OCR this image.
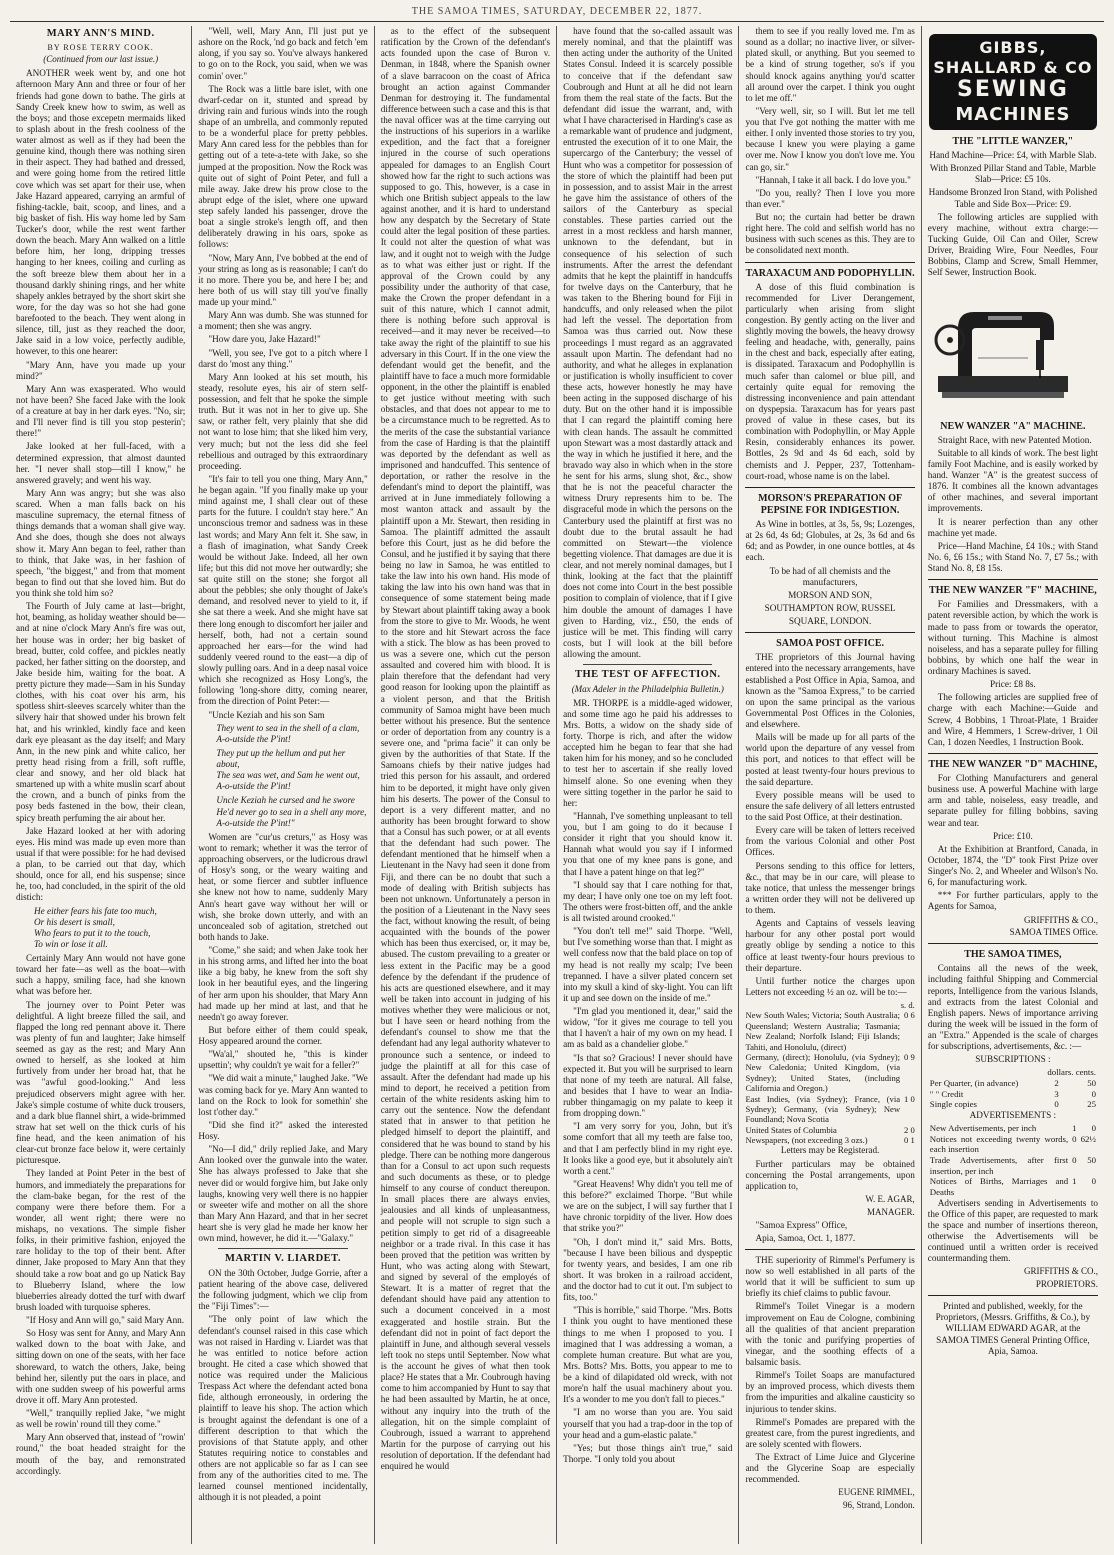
THE SAMOA TIMES, SATURDAY, DECEMBER 22, 1877.
MARY ANN'S MIND.
BY ROSE TERRY COOK.
(Continued from our last issue.)

ANOTHER week went by, and one hot afternoon Mary Ann and three or four of her friends had gone down to bathe. The girls at Sandy Creek knew how to swim, as well as the boys; and those excepetn mermaids liked to splash about in the fresh coolness of the water almost as well as if they had been the genuine kind, though there was nothing siren in their aspect. They had bathed and dressed, and were going home from the retired little cove which was set apart for their use, when Jake Hazard appeared, carrying an armful of fishing-tackle, bait, scoop, and lines, and a big basket of fish. His way home led by Sam Tucker's door, while the rest went farther down the beach. Mary Ann walked on a little before him, her long, dripping tresses hanging to her knees, coiling and curling as the soft breeze blew them about her in a thousand darkly shining rings, and her white shapely ankles betrayed by the short skirt she wore, for the day was so hot she had gone barefooted to the beach. They went along in silence, till, just as they reached the door, Jake said in a low voice, perfectly audible, however, to this one hearer:

"Mary Ann, have you made up your mind?"

Mary Ann was exasperated. Who would not have been? She faced Jake with the look of a creature at bay in her dark eyes. "No, sir; and I'll never find is till you stop pesterin'; there!"

Jake looked at her full-faced, with a determined expression, that almost daunted her. "I never shall stop—till I know," he answered gravely; and went his way.

Mary Ann was angry; but she was also scared. When a man falls back on his masculine supremacy, the eternal fitness of things demands that a woman shall give way. And she does, though she does not always show it. Mary Ann began to feel, rather than to think, that Jake was, in her fashion of speech, "the biggest," and from that moment began to find out that she loved him. But do you think she told him so?

The Fourth of July came at last—bright, hot, beaming, as holiday weather should be—and at nine o'clock Mary Ann's fire was out, her house was in order; her big basket of bread, butter, cold coffee, and pickles neatly packed, her father sitting on the doorstep, and Jake beside him, waiting for the boat. A pretty picture they made—Sam in his Sunday clothes, with his coat over his arm, his spotless shirt-sleeves scarcely whiter than the silvery hair that showed under his brown felt hat, and his wrinkled, kindly face and keen dark eye pleasant as the day itself; and Mary Ann, in the new pink and white calico, her pretty head rising from a frill, soft ruffle, clear and snowy, and her old black hat smartened up with a white muslin scarf about the crown, and a bunch of pinks from the posy beds fastened in the bow, their clean, spicy breath perfuming the air about her.

Jake Hazard looked at her with adoring eyes. His mind was made up even more than usual if that were possible: for he had devised a plan, to be carried out that day, which should, once for all, end his suspense; since he, too, had concluded, in the spirit of the old distich:

He either fears his fate too much,
Or his desert is small,
Who fears to put it to the touch,
To win or lose it all.

Certainly Mary Ann would not have gone toward her fate—as well as the boat—with such a happy, smiling face, had she known what was before her.

The journey over to Point Peter was delightful. A light breeze filled the sail, and flapped the long red pennant above it. There was plenty of fun and laughter; Jake himself seemed as gay as the rest; and Mary Ann owned to herself, as she looked at him furtively from under her broad hat, that he was "awful good-looking." And less prejudiced observers might agree with her. Jake's simple costume of white duck trousers, and a dark blue flannel shirt, a wide-brimmed straw hat set well on the thick curls of his fine head, and the keen animation of his clear-cut bronze face below it, were certainly picturesque.

They landed at Point Peter in the best of humors, and immediately the preparations for the clam-bake began, for the rest of the company were there before them. For a wonder, all went right; there were no mishaps, no vexations. The simple fisher folks, in their primitive fashion, enjoyed the rare holiday to the top of their bent. After dinner, Jake proposed to Mary Ann that they should take a row boat and go up Natick Bay to Blueberry Island, where the low blueberries already dotted the turf with dwarf brush loaded with turquoise spheres.

"If Hosy and Ann will go," said Mary Ann.

So Hosy was sent for Anny, and Mary Ann walked down to the boat with Jake, and sitting down on one of the seats, with her face shoreward, to watch the others, Jake, being behind her, silently put the oars in place, and with one sudden sweep of his powerful arms drove it off. Mary Ann protested.

"Well," tranquilly replied Jake, "we might as well be rowin' round till they come."

Mary Ann observed that, instead of "rowin' round," the boat headed straight for the mouth of the bay, and remonstrated accordingly.

"Well, well, Mary Ann, I'll just put ye ashore on the Rock, 'nd go back and fetch 'em along, if you say so. You've always hankered to go on to the Rock, you said, when we was comin' over."

The Rock was a little bare islet, with one dwarf-cedar on it, stunted and spread by driving rain and furious winds into the rough shape of an umbrella, and commonly reputed to be a wonderful place for pretty pebbles. Mary Ann cared less for the pebbles than for getting out of a tete-a-tete with Jake, so she jumped at the proposition. Now the Rock was quite out of sight of Point Peter, and full a mile away. Jake drew his prow close to the abrupt edge of the islet, where one upward step safely landed his passenger, drove the boat a single stroke's length off, and then deliberately drawing in his oars, spoke as follows:

"Now, Mary Ann, I've bobbed at the end of your string as long as is reasonable; I can't do it no more. There you be, and here I be; and here both of us will stay till you've finally made up your mind."

Mary Ann was dumb. She was stunned for a moment; then she was angry.

"How dare you, Jake Hazard!"

"Well, you see, I've got to a pitch where I darst do 'most any thing."

Mary Ann looked at his set mouth, his steady, resolute eyes, his air of stern self-possession, and felt that he spoke the simple truth. But it was not in her to give up. She saw, or rather felt, very plainly that she did not want to lose him; that she liked him very, very much; but not the less did she feel rebellious and outraged by this extraordinary proceeding.

"It's fair to tell you one thing, Mary Ann," he began again. "If you finally make up your mind against me, I shall clear out of these parts for the future. I couldn't stay here." An unconscious tremor and sadness was in these last words; and Mary Ann felt it. She saw, in a flash of imagination, what Sandy Creek would be without Jake. Indeed, all her own life; but this did not move her outwardly; she sat quite still on the stone; she forgot all about the pebbles; she only thought of Jake's demand, and resolved never to yield to it, if she sat there a week. And she might have sat there long enough to discomfort her jailer and herself, both, had not a certain sound approached her ears—for the wind had suddenly veered round to the east—a dip of slowly pulling oars. And in a deep nasal voice which she recognized as Hosy Long's, the following 'long-shore ditty, coming nearer, from the direction of Point Peter:—

"Uncle Keziah and his son Sam

They went to sea in the shell of a clam,
A-o-utside the P'int!
They put up the hellum and put her about,
The sea was wet, and Sam he went out,
A-o-utside the P'int!
Uncle Keziah he cursed and he swore
He'd never go to sea in a shell any more,
A-o-utside the P'int!"

Women are "cur'us creturs," as Hosy was wont to remark; whether it was the terror of approaching observers, or the ludicrous drawl of Hosy's song, or the weary waiting and heat, or some fiercer and subtler influence she knew not how to name, suddenly Mary Ann's heart gave way without her will or wish, she broke down utterly, and with an unconcealed sob of agitation, stretched out both hands to Jake.

"Come," she said; and when Jake took her in his strong arms, and lifted her into the boat like a big baby, he knew from the soft shy look in her beautiful eyes, and the lingering of her arm upon his shoulder, that Mary Ann had made up her mind at last, and that he needn't go away forever.

But before either of them could speak, Hosy appeared around the corner.

"Wa'al," shouted he, "this is kinder upsettin'; why couldn't ye wait for a feller?"

"We did wait a minute," laughed Jake. "We was coming back for ye. Mary Ann wanted to land on the Rock to look for somethin' she lost t'other day."

"Did she find it?" asked the interested Hosy.

"No—I did," drily replied Jake, and Mary Ann looked over the gunwale into the water. She has always professed to Jake that she never did or would forgive him, but Jake only laughs, knowing very well there is no happier or sweeter wife and mother on all the shore than Mary Ann Hazard, and that in her secret heart she is very glad he made her know her own mind, however, he did it.—"Galaxy."

MARTIN V. LIARDET.

ON the 30th October, Judge Gorrie, after a patient hearing of the above case, delivered the following judgment, which we clip from the "Fiji Times":—

"The only point of law which the defendant's counsel raised in this case which was not raised in Harding v. Liardet was that he was entitled to notice before action brought. He cited a case which showed that notice was required under the Malicious Trespass Act where the defendant acted bona fide, although erroneously, in ordering the plaintiff to leave his shop. The action which is brought against the defendant is one of a different description to that which the provisions of that Statute apply, and other Statutes requiring notice to constables and others are not applicable so far as I can see from any of the authorities cited to me. The learned counsel mentioned incidentally, although it is not pleaded, a point

as to the effect of the subsequent ratification by the Crown of the defendant's acts founded upon the case of Buron v. Denman, in 1848, where the Spanish owner of a slave barracoon on the coast of Africa brought an action against Commander Denman for destroying it. The fundamental difference between such a case and this is that the naval officer was at the time carrying out the instructions of his superiors in a warlike expedition, and the fact that a foreigner injured in the course of such operations appealed for damages to an English Court showed how far the right to such actions was supposed to go. This, however, is a case in which one British subject appeals to the law against another, and it is hard to understand how any despatch by the Secretary of State could alter the legal position of these parties. It could not alter the question of what was law, and it ought not to weigh with the Judge as to what was either just or right. If the approval of the Crown could by any possibility under the authority of that case, make the Crown the proper defendant in a suit of this nature, which I cannot admit, there is nothing before such approval is received—and it may never be received—to take away the right of the plaintiff to sue his adversary in this Court. If in the one view the defendant would get the benefit, and the plaintiff have to face a much more formidable opponent, in the other the plaintiff is enabled to get justice without meeting with such obstacles, and that does not appear to me to be a circumstance much to be regretted. As to the merits of the case the substantial variance from the case of Harding is that the plaintiff was deported by the defendant as well as imprisoned and handcuffed. This sentence of deportation, or rather the resolve in the defendant's mind to deport the plaintiff, was arrived at in June immediately following a most wanton attack and assault by the plaintiff upon a Mr. Stewart, then residing in Samoa. The plaintiff admitted the assault before this Court, just as he did before the Consul, and he justified it by saying that there being no law in Samoa, he was entitled to take the law into his own hand. His mode of taking the law into his own hand was that in consequence of some statement being made by Stewart about plaintiff taking away a book from the store to give to Mr. Woods, he went to the store and hit Stewart across the face with a stick. The blow as has been proved to us was a severe one, which cut the person assaulted and covered him with blood. It is plain therefore that the defendant had very good reason for looking upon the plaintiff as a violent person, and that the British community of Samoa might have been much better without his presence. But the sentence or order of deportation from any country is a severe one, and "prima facie" it can only be given by the authorities of that State. If the Samoans chiefs by their native judges had tried this person for his assault, and ordered him to be deported, it might have only given him his deserts. The power of the Consul to deport is a very different matter, and no authority has been brought forward to show that a Consul has such power, or at all events that the defendant had such power. The defendant mentioned that he himself when a Lieutenant in the Navy had seen it done from Fiji, and there can be no doubt that such a mode of dealing with British subjects has been not unknown. Unfortunately a person in the position of a Lieutenant in the Navy sees the fact, without knowing the result, of being acquainted with the bounds of the power which has been thus exercised, or, it may be, abused. The custom prevailing to a greater or less extent in the Pacific may be a good defence by the defendant if the prudence of his acts are questioned elsewhere, and it may well be taken into account in judging of his motives whether they were malicious or not, but I have seen or heard nothing from the defendant's counsel to show me that the defendant had any legal authority whatever to pronounce such a sentence, or indeed to judge the plaintiff at all for this case of assault. After the defendant had made up his mind to deport, he received a petition from certain of the white residents asking him to carry out the sentence. Now the defendant stated that in answer to that petition he pledged himself to deport the plaintiff, and considered that he was bound to stand by his pledge. There can be nothing more dangerous than for a Consul to act upon such requests and such documents as these, or to pledge himself to any course of conduct thereupon. In small places there are always envies, jealousies and all kinds of unpleasantness, and people will not scruple to sign such a petition simply to get rid of a disagreeable neighbor or a trade rival. In this case it has been proved that the petition was written by Hunt, who was acting along with Stewart, and signed by several of the employés of Stewart. It is a matter of regret that the defendant should have paid any attention to such a document conceived in a most exaggerated and hostile strain. But the defendant did not in point of fact deport the plaintiff in June, and although several vessels left took no steps until September. Now what is the account he gives of what then took place? He states that a Mr. Coubrough having come to him accompanied by Hunt to say that he had been assaulted by Martin, he at once, without any inquiry into the truth of the allegation, hit on the simple complaint of Coubrough, issued a warrant to apprehend Martin for the purpose of carrying out his resolution of deportation. If the defendant had enquired he would

have found that the so-called assault was merely nominal, and that the plaintiff was then acting under the authority of the United States Consul. Indeed it is scarcely possible to conceive that if the defendant saw Coubrough and Hunt at all he did not learn from them the real state of the facts. But the defendant did issue the warrant, and, with what I have characterised in Harding's case as a remarkable want of prudence and judgment, entrusted the execution of it to one Mair, the supercargo of the Canterbury; the vessel of Hunt who was a competitor for possession of the store of which the plaintiff had been put in possession, and to assist Mair in the arrest he gave him the assistance of others of the sailors of the Canterbury as special constables. These parties carried out the arrest in a most reckless and harsh manner, unknown to the defendant, but in consequence of his selection of such instruments. After the arrest the defendant admits that he kept the plaintiff in handcuffs for twelve days on the Canterbury, that he was taken to the Bhering bound for Fiji in handcuffs, and only released when the pilot had left the vessel. The deportation from Samoa was thus carried out. Now these proceedings I must regard as an aggravated assault upon Martin. The defendant had no authority, and what he alleges in explanation or justification is wholly insufficient to cover these acts, however honestly he may have been acting in the supposed discharge of his duty. But on the other hand it is impossible that I can regard the plaintiff coming here with clean hands. The assault he committed upon Stewart was a most dastardly attack and the way in which he justified it here, and the bravado way also in which when in the store he sent for his arms, slung shot, &c., show that he is not the peaceful character the witness Drury represents him to be. The disgraceful mode in which the persons on the Canterbury used the plaintiff at first was no doubt due to the brutal assault he had committed on Stewart—the violence begetting violence. That damages are due it is clear, and not merely nominal damages, but I think, looking at the fact that the plaintiff does not come into Court in the best possible position to complain of violence, that if I give him double the amount of damages I have given to Harding, viz., £50, the ends of justice will be met. This finding will carry costs, but I will look at the bill before allowing the amount.

THE TEST OF AFFECTION.
(Max Adeler in the Philadelphia Bulletin.)

MR. THORPE is a middle-aged widower, and some time ago he paid his addresses to Mrs. Botts, a widow on the shady side of forty. Thorpe is rich, and after the widow accepted him he began to fear that she had taken him for his money, and so he concluded to test her to ascertain if she really loved himself alone. So one evening when they were sitting together in the parlor he said to her:

"Hannah, I've something unpleasant to tell you, but I am going to do it because I consider it right that you should know it. Hannah what would you say if I informed you that one of my knee pans is gone, and that I have a patent hinge on that leg?"

"I should say that I care nothing for that, my dear; I have only one toe on my left foot. The others were frost-bitten off, and the ankle is all twisted around crooked."

"You don't tell me!" said Thorpe. "Well, but I've something worse than that. I might as well confess now that the bald place on top of my head is not really my scalp; I've been trepanned. I have a silver plated concern set into my skull a kind of sky-light. You can lift it up and see down on the inside of me."

"I'm glad you mentioned it, dear," said the widow, "for it gives me courage to tell you that I haven't a hair of my own on my head. I am as bald as a chandelier globe."

"Is that so? Gracious! I never should have expected it. But you will be surprised to learn that none of my teeth are natural. All false, and besides that I have to wear an India-rubber thingamagig on my palate to keep it from dropping down."

"I am very sorry for you, John, but it's some comfort that all my teeth are false too, and that I am perfectly blind in my right eye. It looks like a good eye, but it absolutely ain't worth a cent."

"Great Heavens! Why didn't you tell me of this before?" exclaimed Thorpe. "But while we are on the subject, I will say further that I have chronic torpidity of the liver. How does that strike you?"

"Oh, I don't mind it," said Mrs. Botts, "because I have been bilious and dyspeptic for twenty years, and besides, I am one rib short. It was broken in a railroad accident, and the doctor had to cut it out. I'm subject to fits, too."

"This is horrible," said Thorpe. "Mrs. Botts I think you ought to have mentioned these things to me when I proposed to you. I imagined that I was addressing a woman, a complete human creature. But what are you, Mrs. Botts? Mrs. Botts, you appear to me to be a kind of dilapidated old wreck, with not more'n half the usual machinery about you. It's a wonder to me you don't fall to pieces."

"I am no worse than you are. You said yourself that you had a trap-door in the top of your head and a gum-elastic palate."

"Yes; but those things ain't true," said Thorpe. "I only told you about

them to see if you really loved me. I'm as sound as a dollar; no inactive liver, or silver-plated skull, or anything. But you seemed to be a kind of strung together, so's if you should knock agains anything you'd scatter all around over the carpet. I think you ought to let me off."

"Very well, sir, so I will. But let me tell you that I've got nothing the matter with me either. I only invented those stories to try you, because I knew you were playing a game over me. Now I know you don't love me. You can go, sir."

"Hannah, I take it all back. I do love you."

"Do you, really? Then I love you more than ever."

But no; the curtain had better be drawn right here. The cold and selfish world has no business with such scenes as this. They are to be consolidated next month.

TARAXACUM AND PODOPHYLLIN.

A dose of this fluid combination is recommended for Liver Derangement, particularly when arising from slight congestion. By gently acting on the liver and slightly moving the bowels, the heavy drowsy feeling and headache, with, generally, pains in the chest and back, especially after eating, is dissipated. Taraxacum and Podophyllin is much safer than calomel or blue pill, and certainly quite equal for removing the distressing inconvenience and pain attendant on dyspepsia. Taraxacum has for years past proved of value in these cases, but its combination with Podophyllin, or May Apple Resin, considerably enhances its power. Bottles, 2s 9d and 4s 6d each, sold by chemists and J. Pepper, 237, Tottenham-court-road, whose name is on the label.

MORSON'S PREPARATION OF PEPSINE FOR INDIGESTION.

As Wine in bottles, at 3s, 5s, 9s; Lozenges, at 2s 6d, 4s 6d; Globules, at 2s, 3s 6d and 6s 6d; and as Powder, in one ounce bottles, at 4s each.

To be had of all chemists and the manufacturers,

MORSON AND SON,

SOUTHAMPTON ROW, RUSSEL

SQUARE, LONDON.

SAMOA POST OFFICE.

THE proprietors of this Journal having entered into the necessary arrangements, have established a Post Office in Apia, Samoa, and known as the "Samoa Express," to be carried on upon the same principal as the various Governmental Post Offices in the Colonies, and elsewhere.

Mails will be made up for all parts of the world upon the departure of any vessel from this port, and notices to that effect will be posted at least twenty-four hours previous to the said departure.

Every possible means will be used to ensure the safe delivery of all letters entrusted to the said Post Office, at their destination.

Every care will be taken of letters received from the various Colonial and other Post Offices.

Persons sending to this office for letters, &c., that may be in our care, will please to take notice, that unless the messenger brings a written order they will not be delivered up to them.

Agents and Captains of vessels leaving harbour for any other postal port would greatly oblige by sending a notice to this office at least twenty-four hours previous to their departure.

Until further notice the charges upon Letters not exceeding ½ an oz. will be to:—

s. d.
New South Wales; Victoria; South Australia; Queensland; Western Australia; Tasmania; New Zealand; Norfolk Island; Fiji Islands; Tahiti, and Honolulu, (direct)
0 6
Germany, (direct); Honolulu, (via Sydney); New Caledonia; United Kingdom, (via Sydney); United States, (including California and Oregon.)
0 9
East Indies, (via Sydney); France, (via Sydney); Germany, (via Sydney); New Foundland; Nova Scotia
1 0
United States of Columbia	2 0
Newspapers, (not exceeding 3 ozs.)	0 1

Letters may be Registerad.

Further particulars may be obtained concerning the Postal arrangements, upon application to,

W. E. AGAR,

MANAGER.

"Samoa Express" Office,

Apia, Samoa, Oct. 1, 1877.

THE superiority of Rimmel's Perfumery is now so well established in all parts of the world that it will be sufficient to sum up briefly its chief claims to public favour.

Rimmel's Toilet Vinegar is a modern improvement on Eau de Cologne, combining all the qualities of that ancient preparation with the tonic and purifying properties of vinegar, and the soothing effects of a balsamic basis.

Rimmel's Toilet Soaps are manufactured by an improved process, which divests them from the impurities and alkaline causticity so injurious to tender skins.

Rimmel's Pomades are prepared with the greatest care, from the purest ingredients, and are solely scented with flowers.

The Extract of Lime Juice and Glycerine and the Glycerine Soap are especially recommended.

EUGENE RIMMEL,

96, Strand, London.

GIBBS, SHALLARD & CO
SEWING
MACHINES
THE "LITTLE WANZER,"

Hand Machine—Price: £4, with Marble Slab.

With Bronzed Pillar Stand and Table, Marble Slab—Price: £5 10s.

Handsome Bronzed Iron Stand, with Polished Table and Side Box—Price: £9.

The following articles are supplied with every machine, without extra charge:—Tucking Guide, Oil Can and Oiler, Screw Driver, Braiding Wire, Four Needles, Four Bobbins, Clamp and Screw, Small Hemmer, Self Sewer, Instruction Book.

NEW WANZER "A" MACHINE.

Straight Race, with new Patented Motion.

Suitable to all kinds of work. The best light family Foot Machine, and is easily worked by hand. Wanzer "A" is the greatest success of 1876. It combines all the known advantages of other machines, and several important improvements.

It is nearer perfection than any other machine yet made.

Price—Hand Machine, £4 10s.; with Stand No. 6, £6 15s.; with Stand No. 7, £7 5s.; with Stand No. 8, £8 15s.

THE NEW WANZER "F" MACHINE,

For Families and Dressmakers, with a patent reversible action, by which the work is made to pass from or towards the operator, without turning. This Machine is almost noiseless, and has a separate pulley for filling bobbins, by which one half the wear in ordinary Machines is saved.

Price: £8 8s.

The following articles are supplied free of charge with each Machine:—Guide and Screw, 4 Bobbins, 1 Throat-Plate, 1 Braider and Wire, 4 Hemmers, 1 Screw-driver, 1 Oil Can, 1 dozen Needles, 1 Instruction Book.

THE NEW WANZER "D" MACHINE,

For Clothing Manufacturers and general business use. A powerful Machine with large arm and table, noiseless, easy treadle, and separate pulley for filling bobbins, saving wear and tear.

Price: £10.

At the Exhibition at Brantford, Canada, in October, 1874, the "D" took First Prize over Singer's No. 2, and Wheeler and Wilson's No. 6, for manufacturing work.

*** For further particulars, apply to the Agents for Samoa,

GRIFFITHS & CO.,

SAMOA TIMES Office.

THE SAMOA TIMES,

Contains all the news of the week, including faithful Shipping and Commercial reports, Intelligence from the various Islands, and extracts from the latest Colonial and English papers. News of importance arriving during the week will be issued in the form of an "Extra." Appended is the scale of charges for subscriptions, advertisements, &c. :—

SUBSCRIPTIONS :

	dollars. cents.	
Per Quarter, (in advance)	2	50
" " Credit	3	0
Single copies	0	25

ADVERTISEMENTS :

New Advertisements, per inch	1	0
Notices not exceeding twenty words, each insertion	0	62½
Trade Advertisements, after first insertion, per inch	0	50
Notices of Births, Marriages and Deaths	1	0

Advertisers sending in Advertisements to the Office of this paper, are requested to mark the space and number of insertions thereon, otherwise the Advertisements will be continued until a written order is received countermanding them.

GRIFFITHS & CO.,

PROPRIETORS.

Printed and published, weekly, for the Proprietors, (Messrs. Griffiths, & Co.), by WILLIAM EDWARD AGAR, at the SAMOA TIMES General Printing Office, Apia, Samoa.
